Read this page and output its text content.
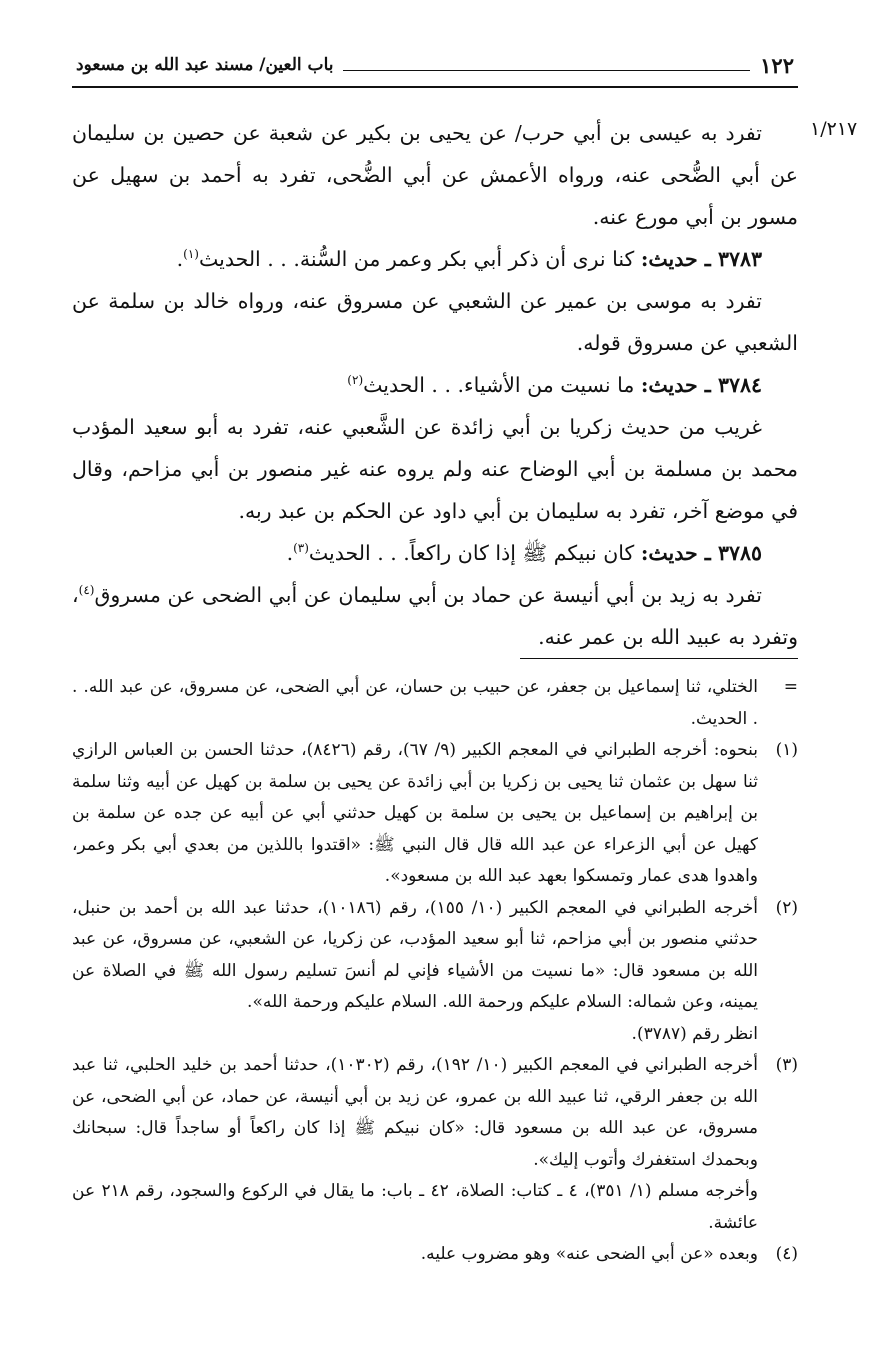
١٢٢
باب العين/ مسند عبد الله بن مسعود
١/٢١٧

تفرد به عيسى بن أبي حرب/ عن يحيى بن بكير عن شعبة عن حصين بن سليمان عن أبي الضُّحى عنه، ورواه الأعمش عن أبي الضُّحى، تفرد به أحمد بن سهيل عن مسور بن أبي مورع عنه.

٣٧٨٣ ـ حديث: كنا نرى أن ذكر أبي بكر وعمر من السُّنة. . . الحديث$^{(١)}$.

تفرد به موسى بن عمير عن الشعبي عن مسروق عنه، ورواه خالد بن سلمة عن الشعبي عن مسروق قوله.

٣٧٨٤ ـ حديث: ما نسيت من الأشياء. . . الحديث$^{(٢)}$

غريب من حديث زكريا بن أبي زائدة عن الشَّعبي عنه، تفرد به أبو سعيد المؤدب محمد بن مسلمة بن أبي الوضاح عنه ولم يروه عنه غير منصور بن أبي مزاحم، وقال في موضع آخر، تفرد به سليمان بن أبي داود عن الحكم بن عبد ربه.

٣٧٨٥ ـ حديث: كان نبيكم ﷺ إذا كان راكعاً. . . الحديث$^{(٣)}$.

تفرد به زيد بن أبي أنيسة عن حماد بن أبي سليمان عن أبي الضحى عن مسروق$^{(٤)}$، وتفرد به عبيد الله بن عمر عنه.

=
الختلي، ثنا إسماعيل بن جعفر، عن حبيب بن حسان، عن أبي الضحى، عن مسروق، عن عبد الله. . . الحديث.
(١)
بنحوه: أخرجه الطبراني في المعجم الكبير (٩/ ٦٧)، رقم (٨٤٢٦)، حدثنا الحسن بن العباس الرازي ثنا سهل بن عثمان ثنا يحيى بن زكريا بن أبي زائدة عن يحيى بن سلمة بن كهيل عن أبيه وثنا سلمة بن إبراهيم بن إسماعيل بن يحيى بن سلمة بن كهيل حدثني أبي عن أبيه عن جده عن سلمة بن كهيل عن أبي الزعراء عن عبد الله قال قال النبي ﷺ: «اقتدوا باللذين من بعدي أبي بكر وعمر، واهدوا هدى عمار وتمسكوا بعهد عبد الله بن مسعود».
(٢)
أخرجه الطبراني في المعجم الكبير (١٠/ ١٥٥)، رقم (١٠١٨٦)، حدثنا عبد الله بن أحمد بن حنبل، حدثني منصور بن أبي مزاحم، ثنا أبو سعيد المؤدب، عن زكريا، عن الشعبي، عن مسروق، عن عبد الله بن مسعود قال: «ما نسيت من الأشياء فإني لم أنسَ تسليم رسول الله ﷺ في الصلاة عن يمينه، وعن شماله: السلام عليكم ورحمة الله. السلام عليكم ورحمة الله».

انظر رقم (٣٧٨٧).

(٣)
أخرجه الطبراني في المعجم الكبير (١٠/ ١٩٢)، رقم (١٠٣٠٢)، حدثنا أحمد بن خليد الحلبي، ثنا عبد الله بن جعفر الرقي، ثنا عبيد الله بن عمرو، عن زيد بن أبي أنيسة، عن حماد، عن أبي الضحى، عن مسروق، عن عبد الله بن مسعود قال: «كان نبيكم ﷺ إذا كان راكعاً أو ساجداً قال: سبحانك وبحمدك استغفرك وأتوب إليك».

وأخرجه مسلم (١/ ٣٥١)، ٤ ـ كتاب: الصلاة، ٤٢ ـ باب: ما يقال في الركوع والسجود، رقم ٢١٨ عن عائشة.

(٤)
وبعده «عن أبي الضحى عنه» وهو مضروب عليه.
